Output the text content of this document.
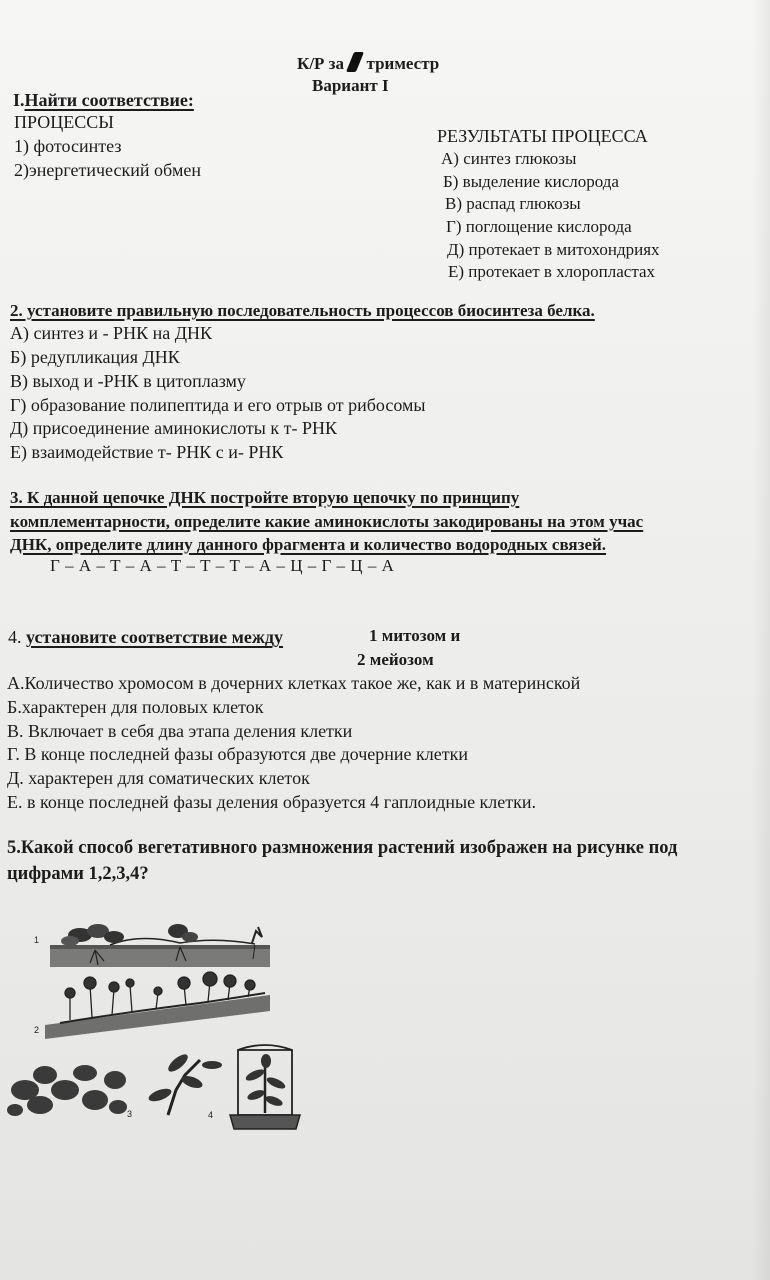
К/Р за триместр
Вариант I
I.Найти соответствие:
ПРОЦЕССЫ
1) фотосинтез
2)энергетический обмен
РЕЗУЛЬТАТЫ ПРОЦЕССА
А) синтез глюкозы
Б) выделение кислорода
В) распад глюкозы
Г) поглощение кислорода
Д) протекает в митохондриях
Е) протекает в хлоропластах
2. установите правильную последовательность процессов биосинтеза белка.
А) синтез и - РНК на ДНК
Б) редупликация ДНК
В) выход и -РНК в цитоплазму
Г) образование полипептида и его отрыв от рибосомы
Д) присоединение аминокислоты к т- РНК
Е) взаимодействие т- РНК с и- РНК
3. К данной цепочке ДНК постройте вторую цепочку по принципу
комплементарности, определите какие аминокислоты закодированы на этом учас
ДНК, определите длину данного фрагмента и количество водородных связей.
Г – А – Т – А – Т – Т – Т – А – Ц – Г – Ц – А
4. установите соответствие между	1 митозом и
2 мейозом
А.Количество хромосом в дочерних клетках такое же, как и в материнской
Б.характерен для половых клеток
В. Включает в себя два этапа деления клетки
Г. В конце последней фазы образуются две дочерние клетки
Д. характерен для соматических клеток
Е. в конце последней фазы деления образуется 4 гаплоидные клетки.
5.Какой способ вегетативного размножения растений изображен на рисунке под
цифрами 1,2,3,4?
1
2
3	4
